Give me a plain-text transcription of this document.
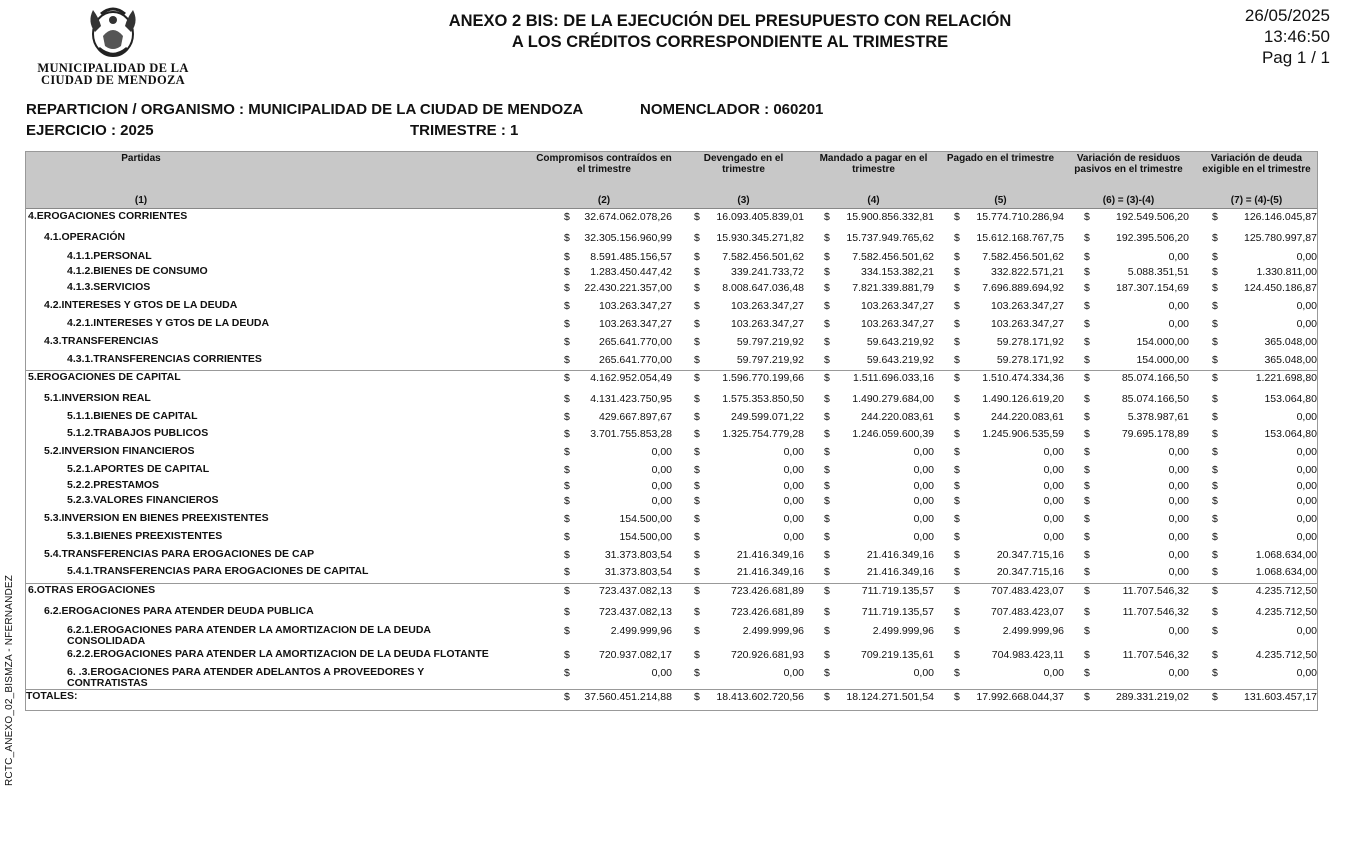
MUNICIPALIDAD DE LA
CIUDAD DE MENDOZA
ANEXO 2 BIS: DE LA EJECUCIÓN DEL PRESUPUESTO CON RELACIÓN
A LOS CRÉDITOS CORRESPONDIENTE AL TRIMESTRE
26/05/2025
13:46:50
Pag 1 / 1
REPARTICION / ORGANISMO : MUNICIPALIDAD DE LA CIUDAD DE MENDOZA	NOMENCLADOR : 060201
EJERCICIO : 2025	TRIMESTRE : 1
RCTC_ANEXO_02_BISMZA - NFERNANDEZ
Partidas
(1)
Compromisos contraídos en el trimestre
(2)
Devengado en el trimestre
(3)
Mandado a pagar en el trimestre
(4)
Pagado en el trimestre
(5)
Variación de residuos pasivos en el trimestre
(6) = (3)-(4)
Variación de deuda exigible en el trimestre
(7) = (4)-(5)
4.EROGACIONES CORRIENTES	$ 32.674.062.078,26 $ 16.093.405.839,01 $ 15.900.856.332,81 $ 15.774.710.286,94 $ 192.549.506,20 $ 126.146.045,87
4.1.OPERACIÓN	$ 32.305.156.960,99 $ 15.930.345.271,82 $ 15.737.949.765,62 $ 15.612.168.767,75 $ 192.395.506,20 $ 125.780.997,87
4.1.1.PERSONAL	$ 8.591.485.156,57 $ 7.582.456.501,62 $ 7.582.456.501,62 $ 7.582.456.501,62 $	0,00 $	0,00
4.1.2.BIENES DE CONSUMO	$ 1.283.450.447,42 $	339.241.733,72 $	334.153.382,21 $	332.822.571,21 $	5.088.351,51 $	1.330.811,00
4.1.3.SERVICIOS	$ 22.430.221.357,00 $ 8.008.647.036,48 $ 7.821.339.881,79 $ 7.696.889.694,92 $ 187.307.154,69 $ 124.450.186,87
4.2.INTERESES Y GTOS DE LA DEUDA	$	103.263.347,27 $	103.263.347,27 $	103.263.347,27 $	103.263.347,27 $	0,00 $	0,00
4.2.1.INTERESES Y GTOS DE LA DEUDA	$	103.263.347,27 $	103.263.347,27 $	103.263.347,27 $	103.263.347,27 $	0,00 $	0,00
4.3.TRANSFERENCIAS	$	265.641.770,00 $	59.797.219,92 $	59.643.219,92 $	59.278.171,92 $	154.000,00 $	365.048,00
4.3.1.TRANSFERENCIAS CORRIENTES	$	265.641.770,00 $	59.797.219,92 $	59.643.219,92 $	59.278.171,92 $	154.000,00 $	365.048,00
5.EROGACIONES DE CAPITAL	$ 4.162.952.054,49 $ 1.596.770.199,66 $ 1.511.696.033,16 $ 1.510.474.334,36 $	85.074.166,50 $	1.221.698,80
5.1.INVERSION REAL	$ 4.131.423.750,95 $ 1.575.353.850,50 $ 1.490.279.684,00 $ 1.490.126.619,20 $	85.074.166,50 $	153.064,80
5.1.1.BIENES DE CAPITAL	$	429.667.897,67 $	249.599.071,22 $	244.220.083,61 $	244.220.083,61 $	5.378.987,61 $	0,00
5.1.2.TRABAJOS PUBLICOS	$ 3.701.755.853,28 $ 1.325.754.779,28 $ 1.246.059.600,39 $ 1.245.906.535,59 $	79.695.178,89 $	153.064,80
5.2.INVERSION FINANCIEROS	$	0,00 $	0,00 $	0,00 $	0,00 $	0,00 $	0,00
5.2.1.APORTES DE CAPITAL	$	0,00 $	0,00 $	0,00 $	0,00 $	0,00 $	0,00
5.2.2.PRESTAMOS	$	0,00 $	0,00 $	0,00 $	0,00 $	0,00 $	0,00
5.2.3.VALORES FINANCIEROS	$	0,00 $	0,00 $	0,00 $	0,00 $	0,00 $	0,00
5.3.INVERSION EN BIENES PREEXISTENTES	$	154.500,00 $	0,00 $	0,00 $	0,00 $	0,00 $	0,00
5.3.1.BIENES PREEXISTENTES	$	154.500,00 $	0,00 $	0,00 $	0,00 $	0,00 $	0,00
5.4.TRANSFERENCIAS PARA EROGACIONES DE CAP	$	31.373.803,54 $	21.416.349,16 $	21.416.349,16 $	20.347.715,16 $	0,00 $	1.068.634,00
5.4.1.TRANSFERENCIAS PARA EROGACIONES DE CAPITAL	$	31.373.803,54 $	21.416.349,16 $	21.416.349,16 $	20.347.715,16 $	0,00 $	1.068.634,00
6.OTRAS EROGACIONES	$	723.437.082,13 $	723.426.681,89 $	711.719.135,57 $	707.483.423,07 $	11.707.546,32 $	4.235.712,50
6.2.EROGACIONES PARA ATENDER DEUDA PUBLICA	$	723.437.082,13 $	723.426.681,89 $	711.719.135,57 $	707.483.423,07 $	11.707.546,32 $	4.235.712,50
6.2.1.EROGACIONES PARA ATENDER LA AMORTIZACION DE LA DEUDA CONSOLIDADA
$	2.499.999,96 $	2.499.999,96 $	2.499.999,96 $	2.499.999,96 $	0,00 $	0,00
6.2.2.EROGACIONES PARA ATENDER LA AMORTIZACION DE LA DEUDA FLOTANTE	$	720.937.082,17 $	720.926.681,93 $	709.219.135,61 $	704.983.423,11 $	11.707.546,32 $	4.235.712,50
6. .3.EROGACIONES PARA ATENDER ADELANTOS A PROVEEDORES Y CONTRATISTAS
$	0,00 $	0,00 $	0,00 $	0,00 $	0,00 $	0,00
TOTALES:	$ 37.560.451.214,88 $ 18.413.602.720,56 $ 18.124.271.501,54 $ 17.992.668.044,37 $ 289.331.219,02 $ 131.603.457,17
